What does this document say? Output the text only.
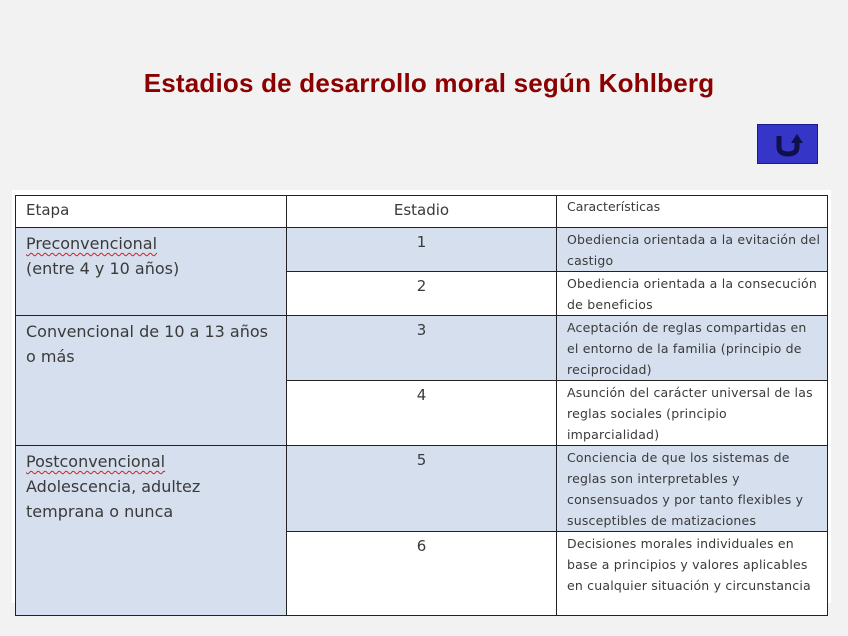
Estadios de desarrollo moral según Kohlberg
Etapa	Estadio	Características
Preconvencional
(entre 4 y 10 años)	1	Obediencia orientada a la evitación del castigo
	2	Obediencia orientada a la consecución de beneficios
Convencional de 10 a 13 años o más	3	Aceptación de reglas compartidas en el entorno de la familia (principio de reciprocidad)
	4	Asunción del carácter universal de las reglas sociales (principio imparcialidad)
Postconvencional
Adolescencia, adultez temprana o nunca	5	Conciencia de que los sistemas de reglas son interpretables y consensuados y por tanto flexibles y susceptibles de matizaciones
	6	Decisiones morales individuales en base a principios y valores aplicables en cualquier situación y circunstancia
